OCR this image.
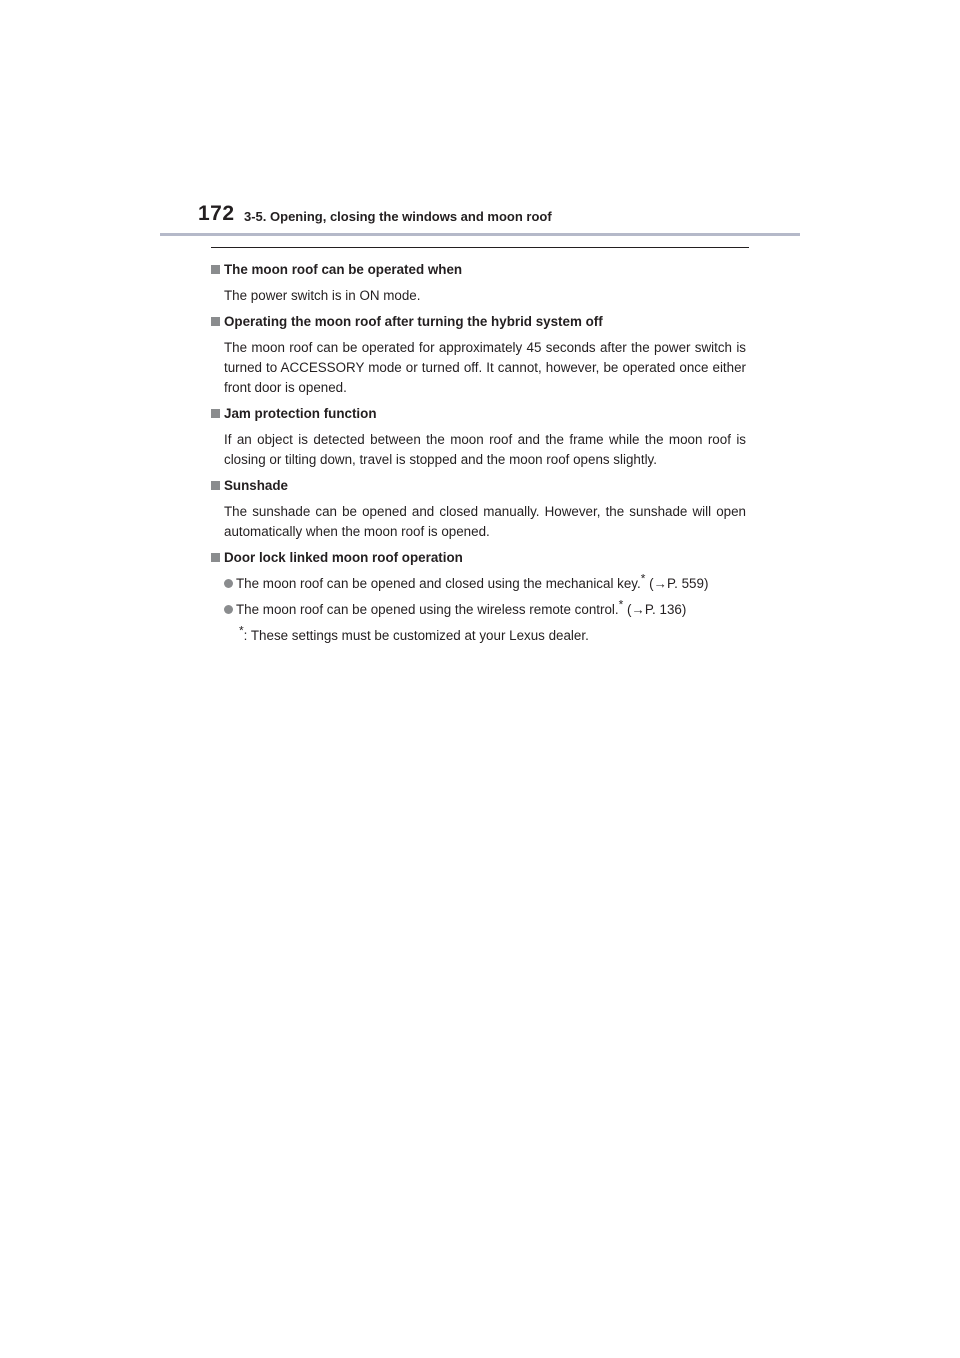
172 3-5. Opening, closing the windows and moon roof

The moon roof can be operated when

The power switch is in ON mode.

Operating the moon roof after turning the hybrid system off

The moon roof can be operated for approximately 45 seconds after the power switch is turned to ACCESSORY mode or turned off. It cannot, however, be operated once either front door is opened.

Jam protection function

If an object is detected between the moon roof and the frame while the moon roof is closing or tilting down, travel is stopped and the moon roof opens slightly.

Sunshade

The sunshade can be opened and closed manually. However, the sunshade will open automatically when the moon roof is opened.

Door lock linked moon roof operation

The moon roof can be opened and closed using the mechanical key.* (→P. 559)
The moon roof can be opened using the wireless remote control.* (→P. 136)

*: These settings must be customized at your Lexus dealer.
